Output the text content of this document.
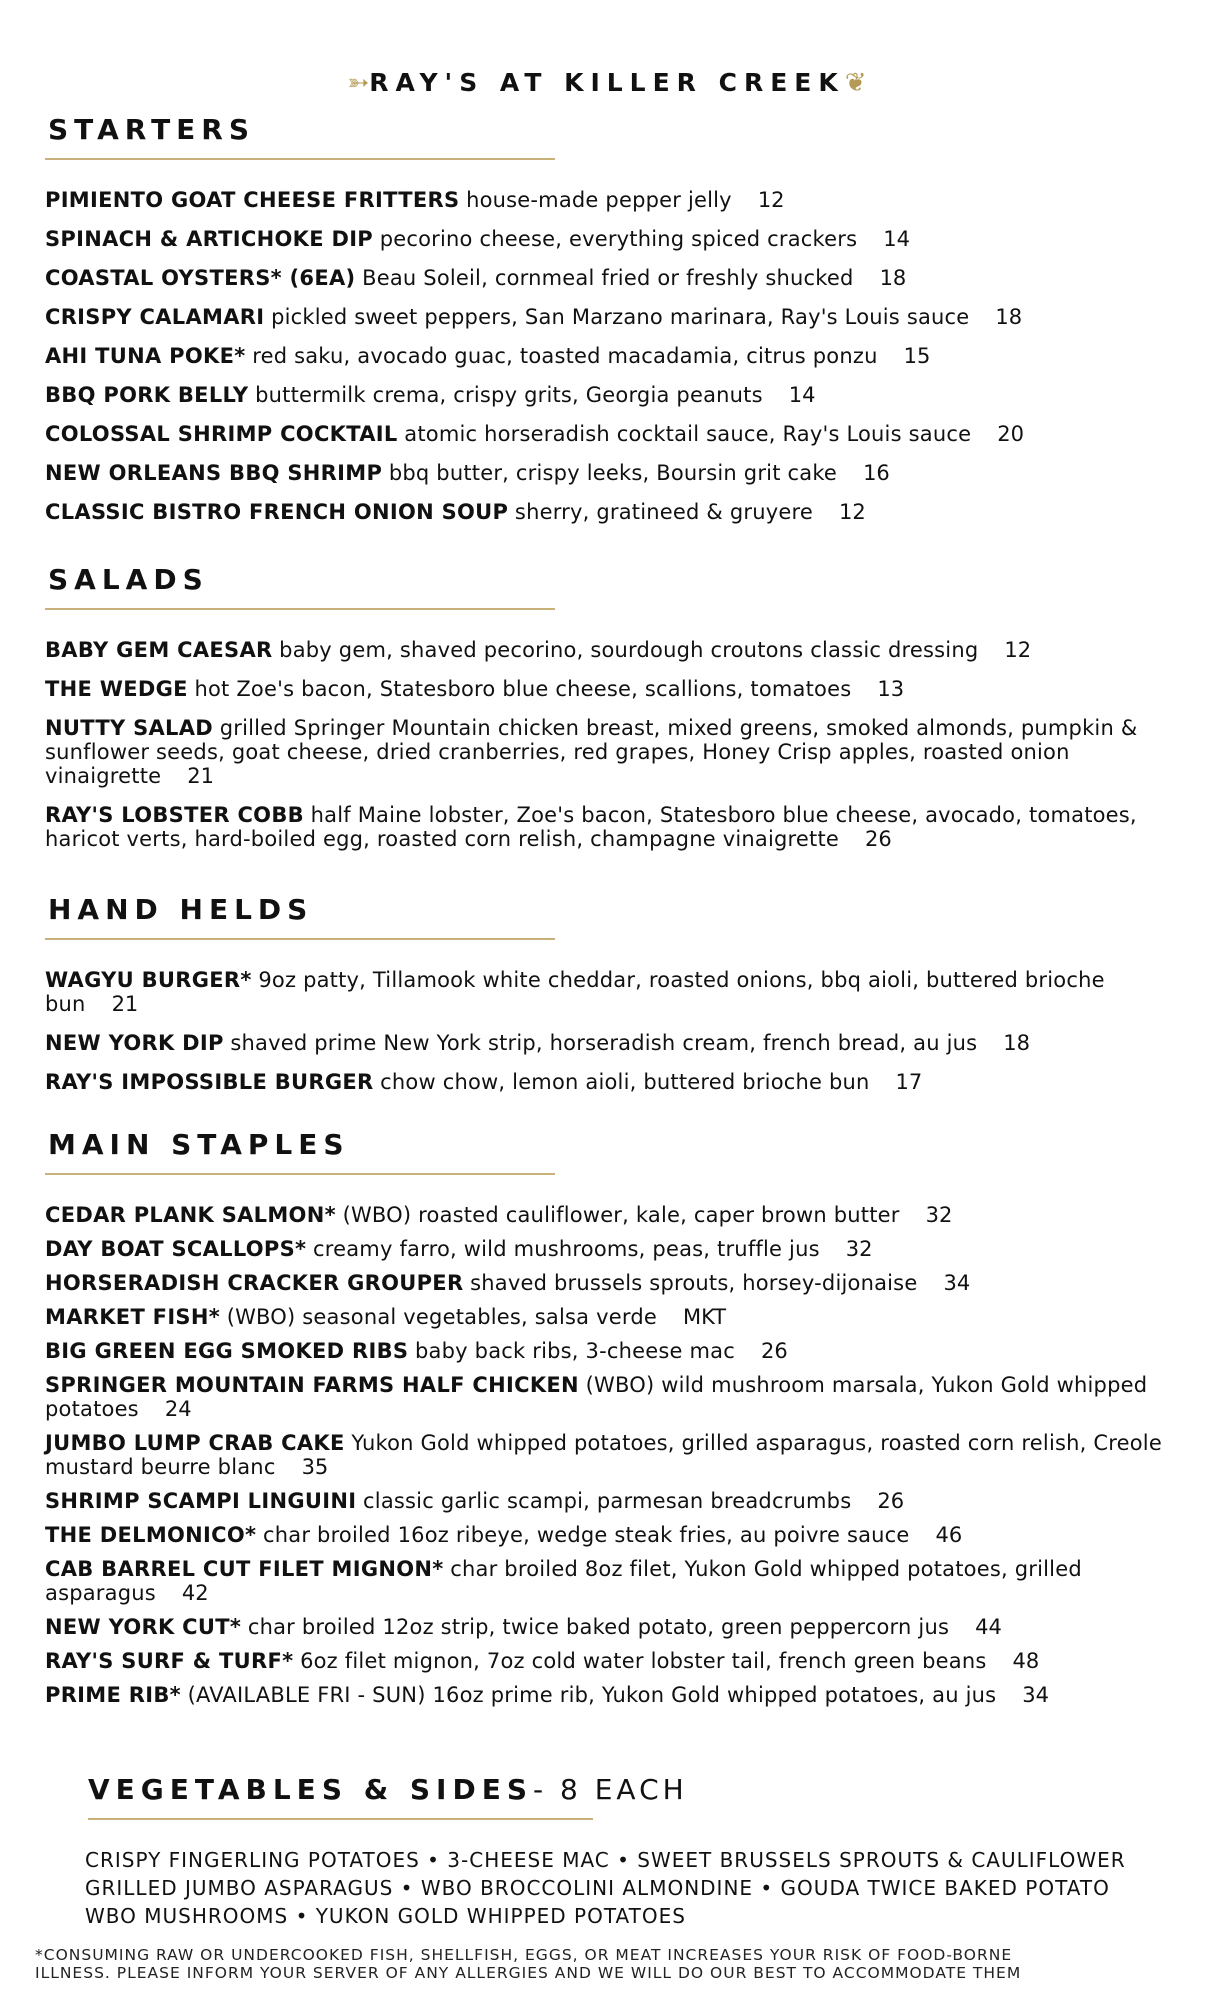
➳RAY'S AT KILLER CREEK❦
STARTERS
PIMIENTO GOAT CHEESE FRITTERS house-made pepper jelly 12
SPINACH & ARTICHOKE DIP pecorino cheese, everything spiced crackers 14
COASTAL OYSTERS* (6EA) Beau Soleil, cornmeal fried or freshly shucked 18
CRISPY CALAMARI pickled sweet peppers, San Marzano marinara, Ray's Louis sauce 18
AHI TUNA POKE* red saku, avocado guac, toasted macadamia, citrus ponzu 15
BBQ PORK BELLY buttermilk crema, crispy grits, Georgia peanuts 14
COLOSSAL SHRIMP COCKTAIL atomic horseradish cocktail sauce, Ray's Louis sauce 20
NEW ORLEANS BBQ SHRIMP bbq butter, crispy leeks, Boursin grit cake 16
CLASSIC BISTRO FRENCH ONION SOUP sherry, gratineed & gruyere 12
SALADS
BABY GEM CAESAR baby gem, shaved pecorino, sourdough croutons classic dressing 12
THE WEDGE hot Zoe's bacon, Statesboro blue cheese, scallions, tomatoes 13
NUTTY SALAD grilled Springer Mountain chicken breast, mixed greens, smoked almonds, pumpkin & sunflower seeds, goat cheese, dried cranberries, red grapes, Honey Crisp apples, roasted onion vinaigrette 21
RAY'S LOBSTER COBB half Maine lobster, Zoe's bacon, Statesboro blue cheese, avocado, tomatoes, haricot verts, hard-boiled egg, roasted corn relish, champagne vinaigrette 26
HAND HELDS
WAGYU BURGER* 9oz patty, Tillamook white cheddar, roasted onions, bbq aioli, buttered brioche bun 21
NEW YORK DIP shaved prime New York strip, horseradish cream, french bread, au jus 18
RAY'S IMPOSSIBLE BURGER chow chow, lemon aioli, buttered brioche bun 17
MAIN STAPLES
CEDAR PLANK SALMON* (WBO) roasted cauliflower, kale, caper brown butter 32
DAY BOAT SCALLOPS* creamy farro, wild mushrooms, peas, truffle jus 32
HORSERADISH CRACKER GROUPER shaved brussels sprouts, horsey-dijonaise 34
MARKET FISH* (WBO) seasonal vegetables, salsa verde MKT
BIG GREEN EGG SMOKED RIBS baby back ribs, 3-cheese mac 26
SPRINGER MOUNTAIN FARMS HALF CHICKEN (WBO) wild mushroom marsala, Yukon Gold whipped potatoes 24
JUMBO LUMP CRAB CAKE Yukon Gold whipped potatoes, grilled asparagus, roasted corn relish, Creole mustard beurre blanc 35
SHRIMP SCAMPI LINGUINI classic garlic scampi, parmesan breadcrumbs 26
THE DELMONICO* char broiled 16oz ribeye, wedge steak fries, au poivre sauce 46
CAB BARREL CUT FILET MIGNON* char broiled 8oz filet, Yukon Gold whipped potatoes, grilled asparagus 42
NEW YORK CUT* char broiled 12oz strip, twice baked potato, green peppercorn jus 44
RAY'S SURF & TURF* 6oz filet mignon, 7oz cold water lobster tail, french green beans 48
PRIME RIB* (AVAILABLE FRI - SUN) 16oz prime rib, Yukon Gold whipped potatoes, au jus 34
VEGETABLES & SIDES- 8 EACH
CRISPY FINGERLING POTATOES • 3-CHEESE MAC • SWEET BRUSSELS SPROUTS & CAULIFLOWER
GRILLED JUMBO ASPARAGUS • WBO BROCCOLINI ALMONDINE • GOUDA TWICE BAKED POTATO
WBO MUSHROOMS • YUKON GOLD WHIPPED POTATOES
*CONSUMING RAW OR UNDERCOOKED FISH, SHELLFISH, EGGS, OR MEAT INCREASES YOUR RISK OF FOOD-BORNE
ILLNESS. PLEASE INFORM YOUR SERVER OF ANY ALLERGIES AND WE WILL DO OUR BEST TO ACCOMMODATE THEM
